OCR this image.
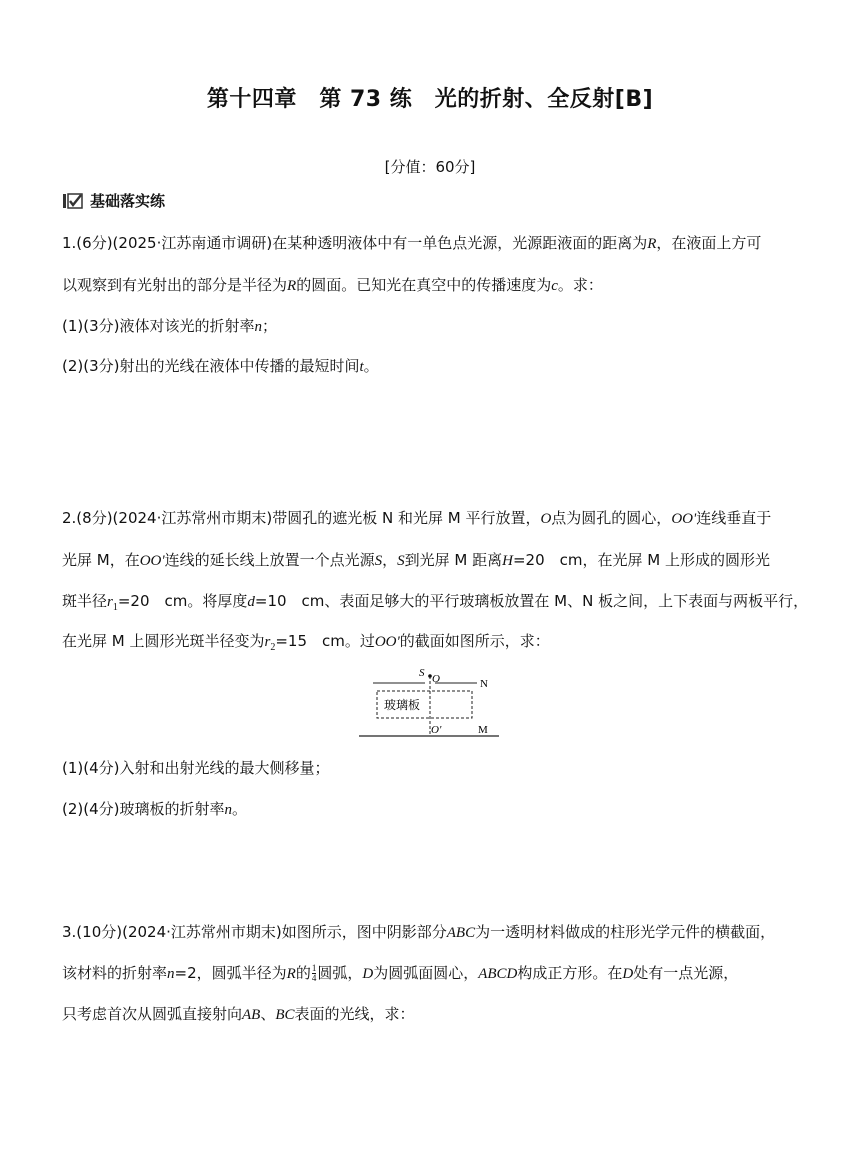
第十四章　第 73 练　光的折射、全反射[B]
[分值：60分]
基础落实练
1.(6分)(2025·江苏南通市调研)在某种透明液体中有一单色点光源，光源距液面的距离为R，在液面上方可
以观察到有光射出的部分是半径为R的圆面。已知光在真空中的传播速度为c。求：
(1)(3分)液体对该光的折射率n；
(2)(3分)射出的光线在液体中传播的最短时间t。
2.(8分)(2024·江苏常州市期末)带圆孔的遮光板 N 和光屏 M 平行放置，O点为圆孔的圆心，OO'连线垂直于
光屏 M，在OO'连线的延长线上放置一个点光源S，S到光屏 M 距离H=20　cm，在光屏 M 上形成的圆形光
斑半径$r_1=20$　cm。将厚度d=10　cm、表面足够大的平行玻璃板放置在 M、N 板之间，上下表面与两板平行，
在光屏 M 上圆形光斑半径变为$r_2=15$　cm。过OO'的截面如图所示，求：
S O	N
玻璃板
O'	M
(1)(4分)入射和出射光线的最大侧移量；
(2)(4分)玻璃板的折射率n。
3.(10分)(2024·江苏常州市期末)如图所示，图中阴影部分ABC为一透明材料做成的柱形光学元件的横截面，
该材料的折射率n=2，圆弧半径为R的 $\frac{1}{4}$ 圆弧，D为圆弧面圆心，ABCD构成正方形。在D处有一点光源，
只考虑首次从圆弧直接射向AB、BC表面的光线，求：
